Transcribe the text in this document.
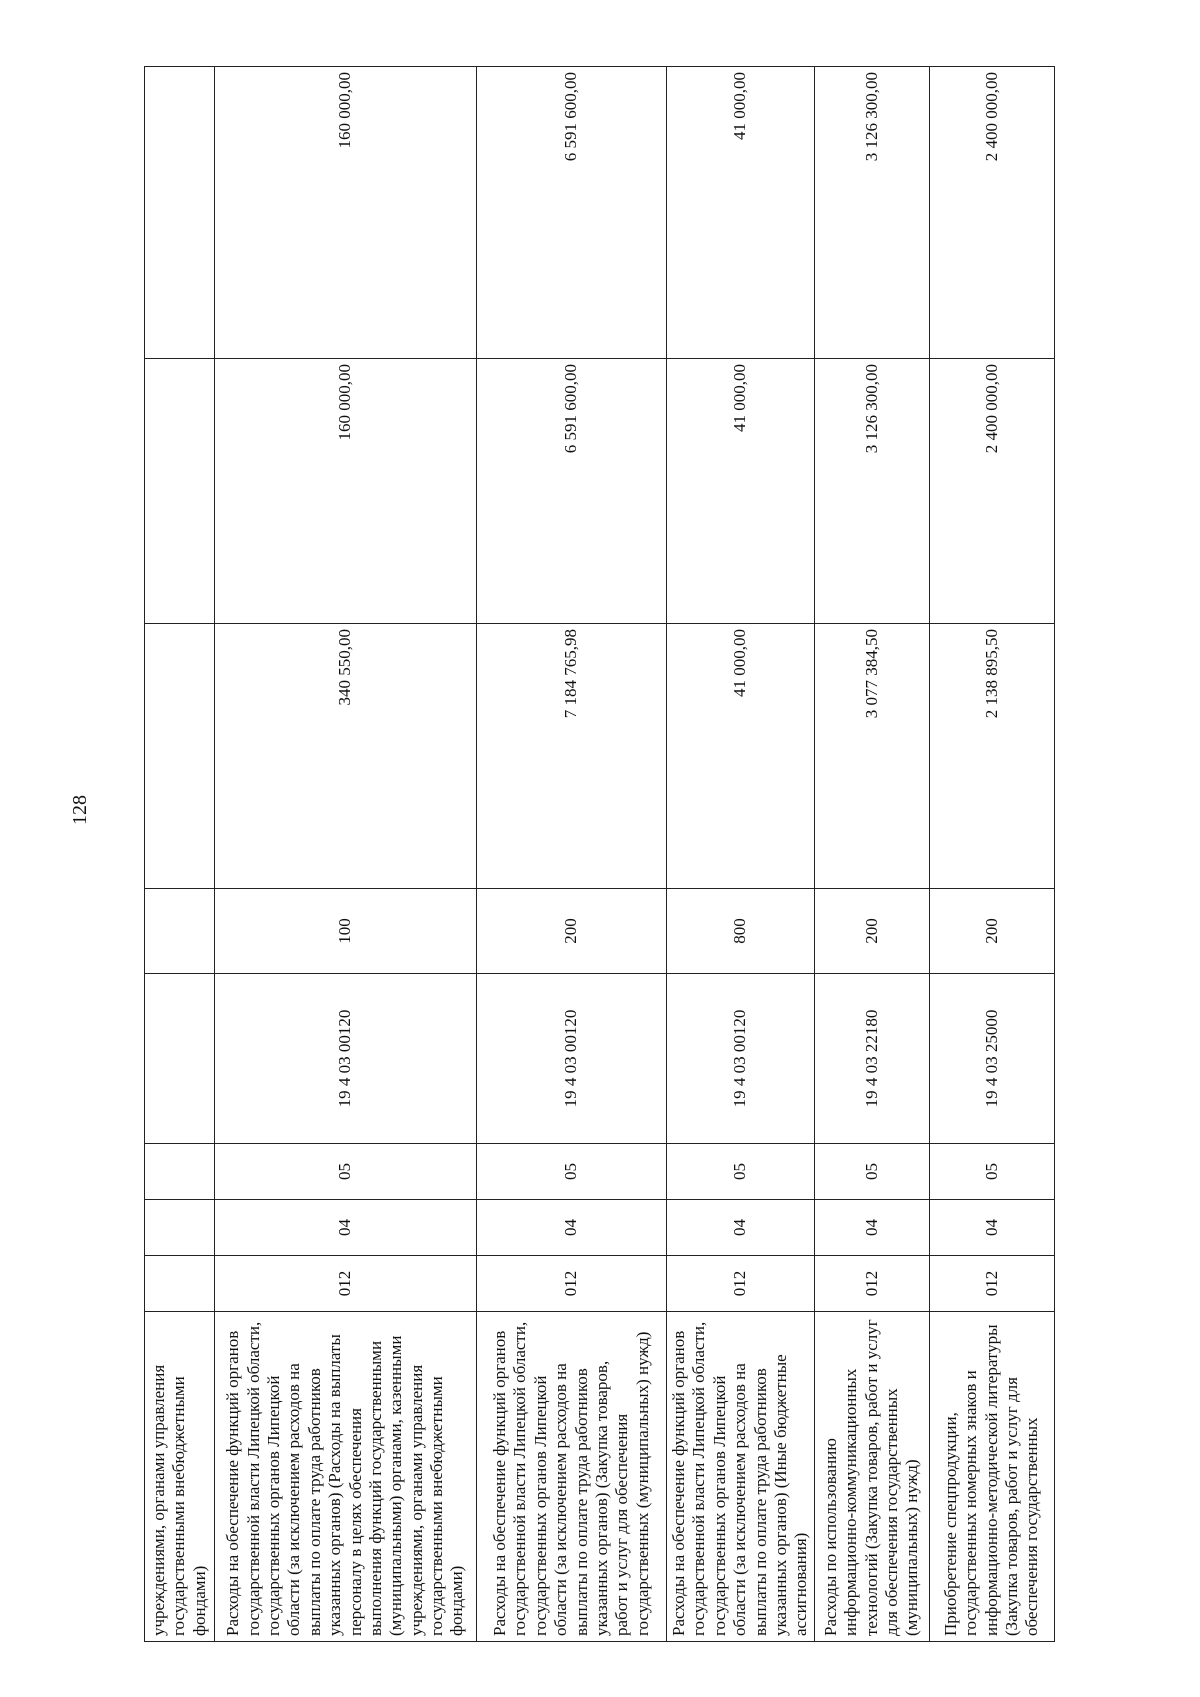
128
учреждениями, органами управления государственными внебюджетными фондами)								
Расходы на обеспечение функций органов государственной власти Липецкой области, государственных органов Липецкой области (за исключением расходов на выплаты по оплате труда работников указанных органов) (Расходы на выплаты персоналу в целях обеспечения выполнения функций государственными (муниципальными) органами, казенными учреждениями, органами управления государственными внебюджетными фондами)	012	04	05	19 4 03 00120	100	340 550,00	160 000,00	160 000,00
Расходы на обеспечение функций органов государственной власти Липецкой области, государственных органов Липецкой области (за исключением расходов на выплаты по оплате труда работников указанных органов) (Закупка товаров, работ и услуг для обеспечения государственных (муниципальных) нужд)	012	04	05	19 4 03 00120	200	7 184 765,98	6 591 600,00	6 591 600,00
Расходы на обеспечение функций органов государственной власти Липецкой области, государственных органов Липецкой области (за исключением расходов на выплаты по оплате труда работников указанных органов) (Иные бюджетные ассигнования)	012	04	05	19 4 03 00120	800	41 000,00	41 000,00	41 000,00
Расходы по использованию информационно-коммуникационных технологий (Закупка товаров, работ и услуг для обеспечения государственных (муниципальных) нужд)	012	04	05	19 4 03 22180	200	3 077 384,50	3 126 300,00	3 126 300,00
Приобретение спецпродукции, государственных номерных знаков и информационно-методической литературы (Закупка товаров, работ и услуг для обеспечения государственных	012	04	05	19 4 03 25000	200	2 138 895,50	2 400 000,00	2 400 000,00
